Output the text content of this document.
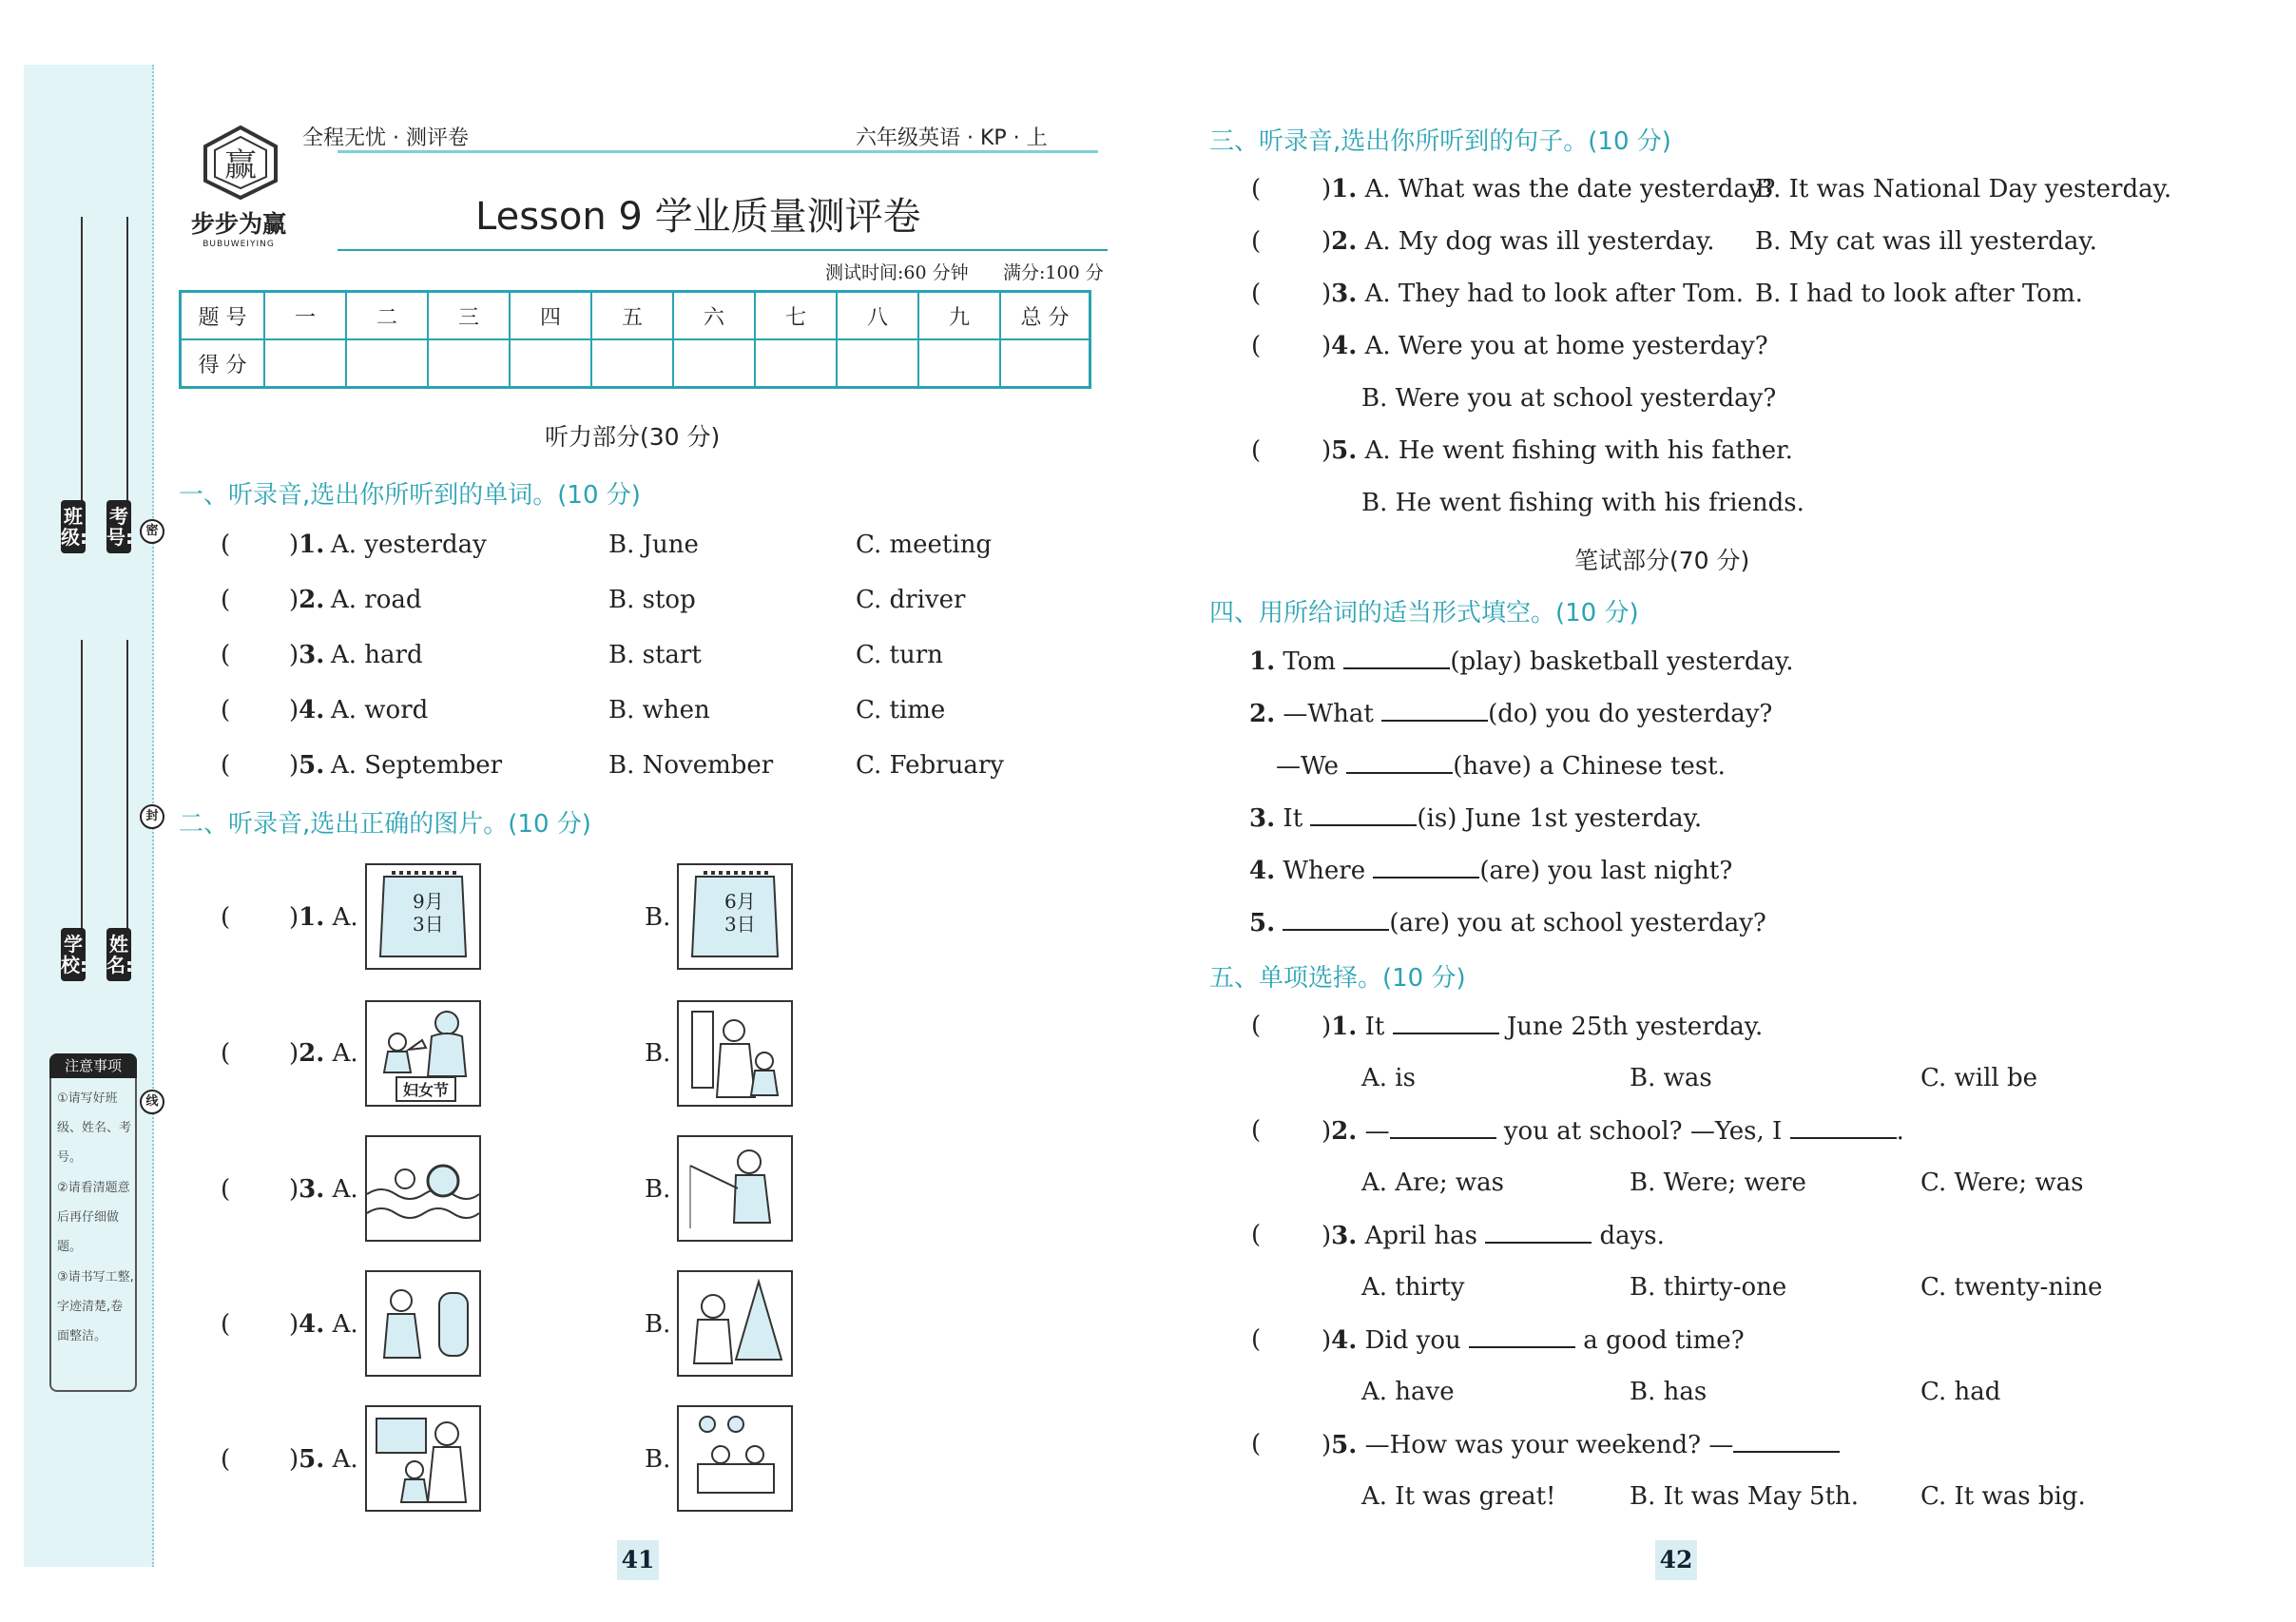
班级:
考号:
学校:
姓名:
密
封
线
注意事项
①请写好班级、姓名、考号。
②请看清题意后再仔细做题。
③请书写工整,字迹清楚,卷面整洁。
赢
步步为赢
BUBUWEIYING
全程无忧 · 测评卷	六年级英语 · KP · 上
Lesson 9 学业质量测评卷
测试时间:60 分钟 满分:100 分
题 号	一	二	三	四	五	六	七	八	九	总 分
得 分										
听力部分(30 分)
一、听录音,选出你所听到的单词。(10 分)
( )1. A. yesterday	B. June	C. meeting
( )2. A. road	B. stop	C. driver
( )3. A. hard	B. start	C. turn
( )4. A. word	B. when	C. time
( )5. A. September	B. November	C. February
二、听录音,选出正确的图片。(10 分)
( )1. A.	B.
9月
3日
6月
3日
( )2. A.	B.
妇女节
( )3. A.	B.
( )4. A.	B.
( )5. A.	B.
41
三、听录音,选出你所听到的句子。(10 分)
( )1. A. What was the date yesterday?
B. It was National Day yesterday.
( )2. A. My dog was ill yesterday. B. My cat was ill yesterday.
( )3. A. They had to look after Tom. B. I had to look after Tom.
( )4. A. Were you at home yesterday?
B. Were you at school yesterday?
( )5. A. He went fishing with his father.
B. He went fishing with his friends.
笔试部分(70 分)
四、用所给词的适当形式填空。(10 分)
1. Tom	(play) basketball yesterday.
2. —What	(do) you do yesterday?
—We	(have) a Chinese test.
3. It	(is) June 1st yesterday.
4. Where	(are) you last night?
5.	(are) you at school yesterday?
五、单项选择。(10 分)
( )1. It	June 25th yesterday.
A. is	B. was	C. will be
( )2. —	you at school? —Yes, I	.
A. Are; was	B. Were; were	C. Were; was
( )3. April has	days.
A. thirty	B. thirty-one	C. twenty-nine
( )4. Did you	a good time?
A. have	B. has	C. had
( )5. —How was your weekend? —
A. It was great!	B. It was May 5th. C. It was big.
42
